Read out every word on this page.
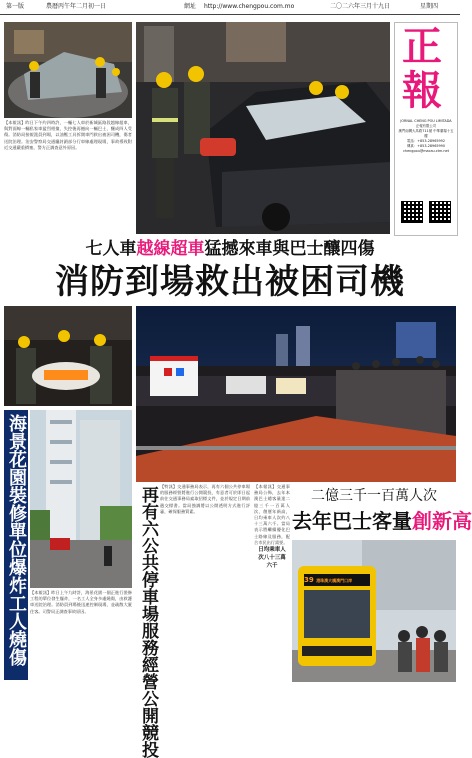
第一版	農曆丙午年二月初一日	網址 http://www.chengpou.com.mo	二〇二六年三月十九日	星期四
正報
JORNAL CHENG POU LIMITADA
正報有限公司
澳門南灣大馬路711號 中華廣場十五樓
電話：+853-28965992
傳真：+853-28965990
chengpou@macau.ctm.net

【本報訊】昨日下午約四時許，一輛七人車於新城區路段越線超車，與對面線一輛私家車猛烈相撞，失控後再撼向一輛巴士，釀成四人受傷。消防局接報派員到場，以油壓工具拆開車門救出被困司機，傷者送院治理。治安警察局交通廳封鎖部分行車線處理現場，事故導致附近交通嚴重擠塞，警方正調查意外原因。

七人車越線超車猛撼來車與巴士釀四傷
消防到場救出被困司機
海景花園裝修單位爆炸工人燒傷 【本報訊】昨日上午九時許，海景花園一個正進行裝修工程的單位發生爆炸，一名工人全身多處燒傷，由救護車送院治理。消防員到場後迅速控制現場，並疏散大廈住客。司警局正調查事故原因。

【特訊】交通事務局表示，再有六個公共停車場的服務經營將進行公開競投，有意者可於即日起前往交通事務局索取招標文件，並於規定日期前遞交標書。當局強調將以公開透明方式進行評審，確保服務質素。

再有六公共停車場服務經營公開競投	【本報訊】交通事務局公佈，去年本澳巴士總客量達二億三千一百萬人次，創歷年新高，日均乘車人次約八十三萬六千。當局表示將繼續優化巴士路線及服務，配合市民出行需要。

二億三千一百萬人次
去年巴士客量創新高
日均乘車人
次八十三萬
六千
39 港珠澳大橋澳門口岸
